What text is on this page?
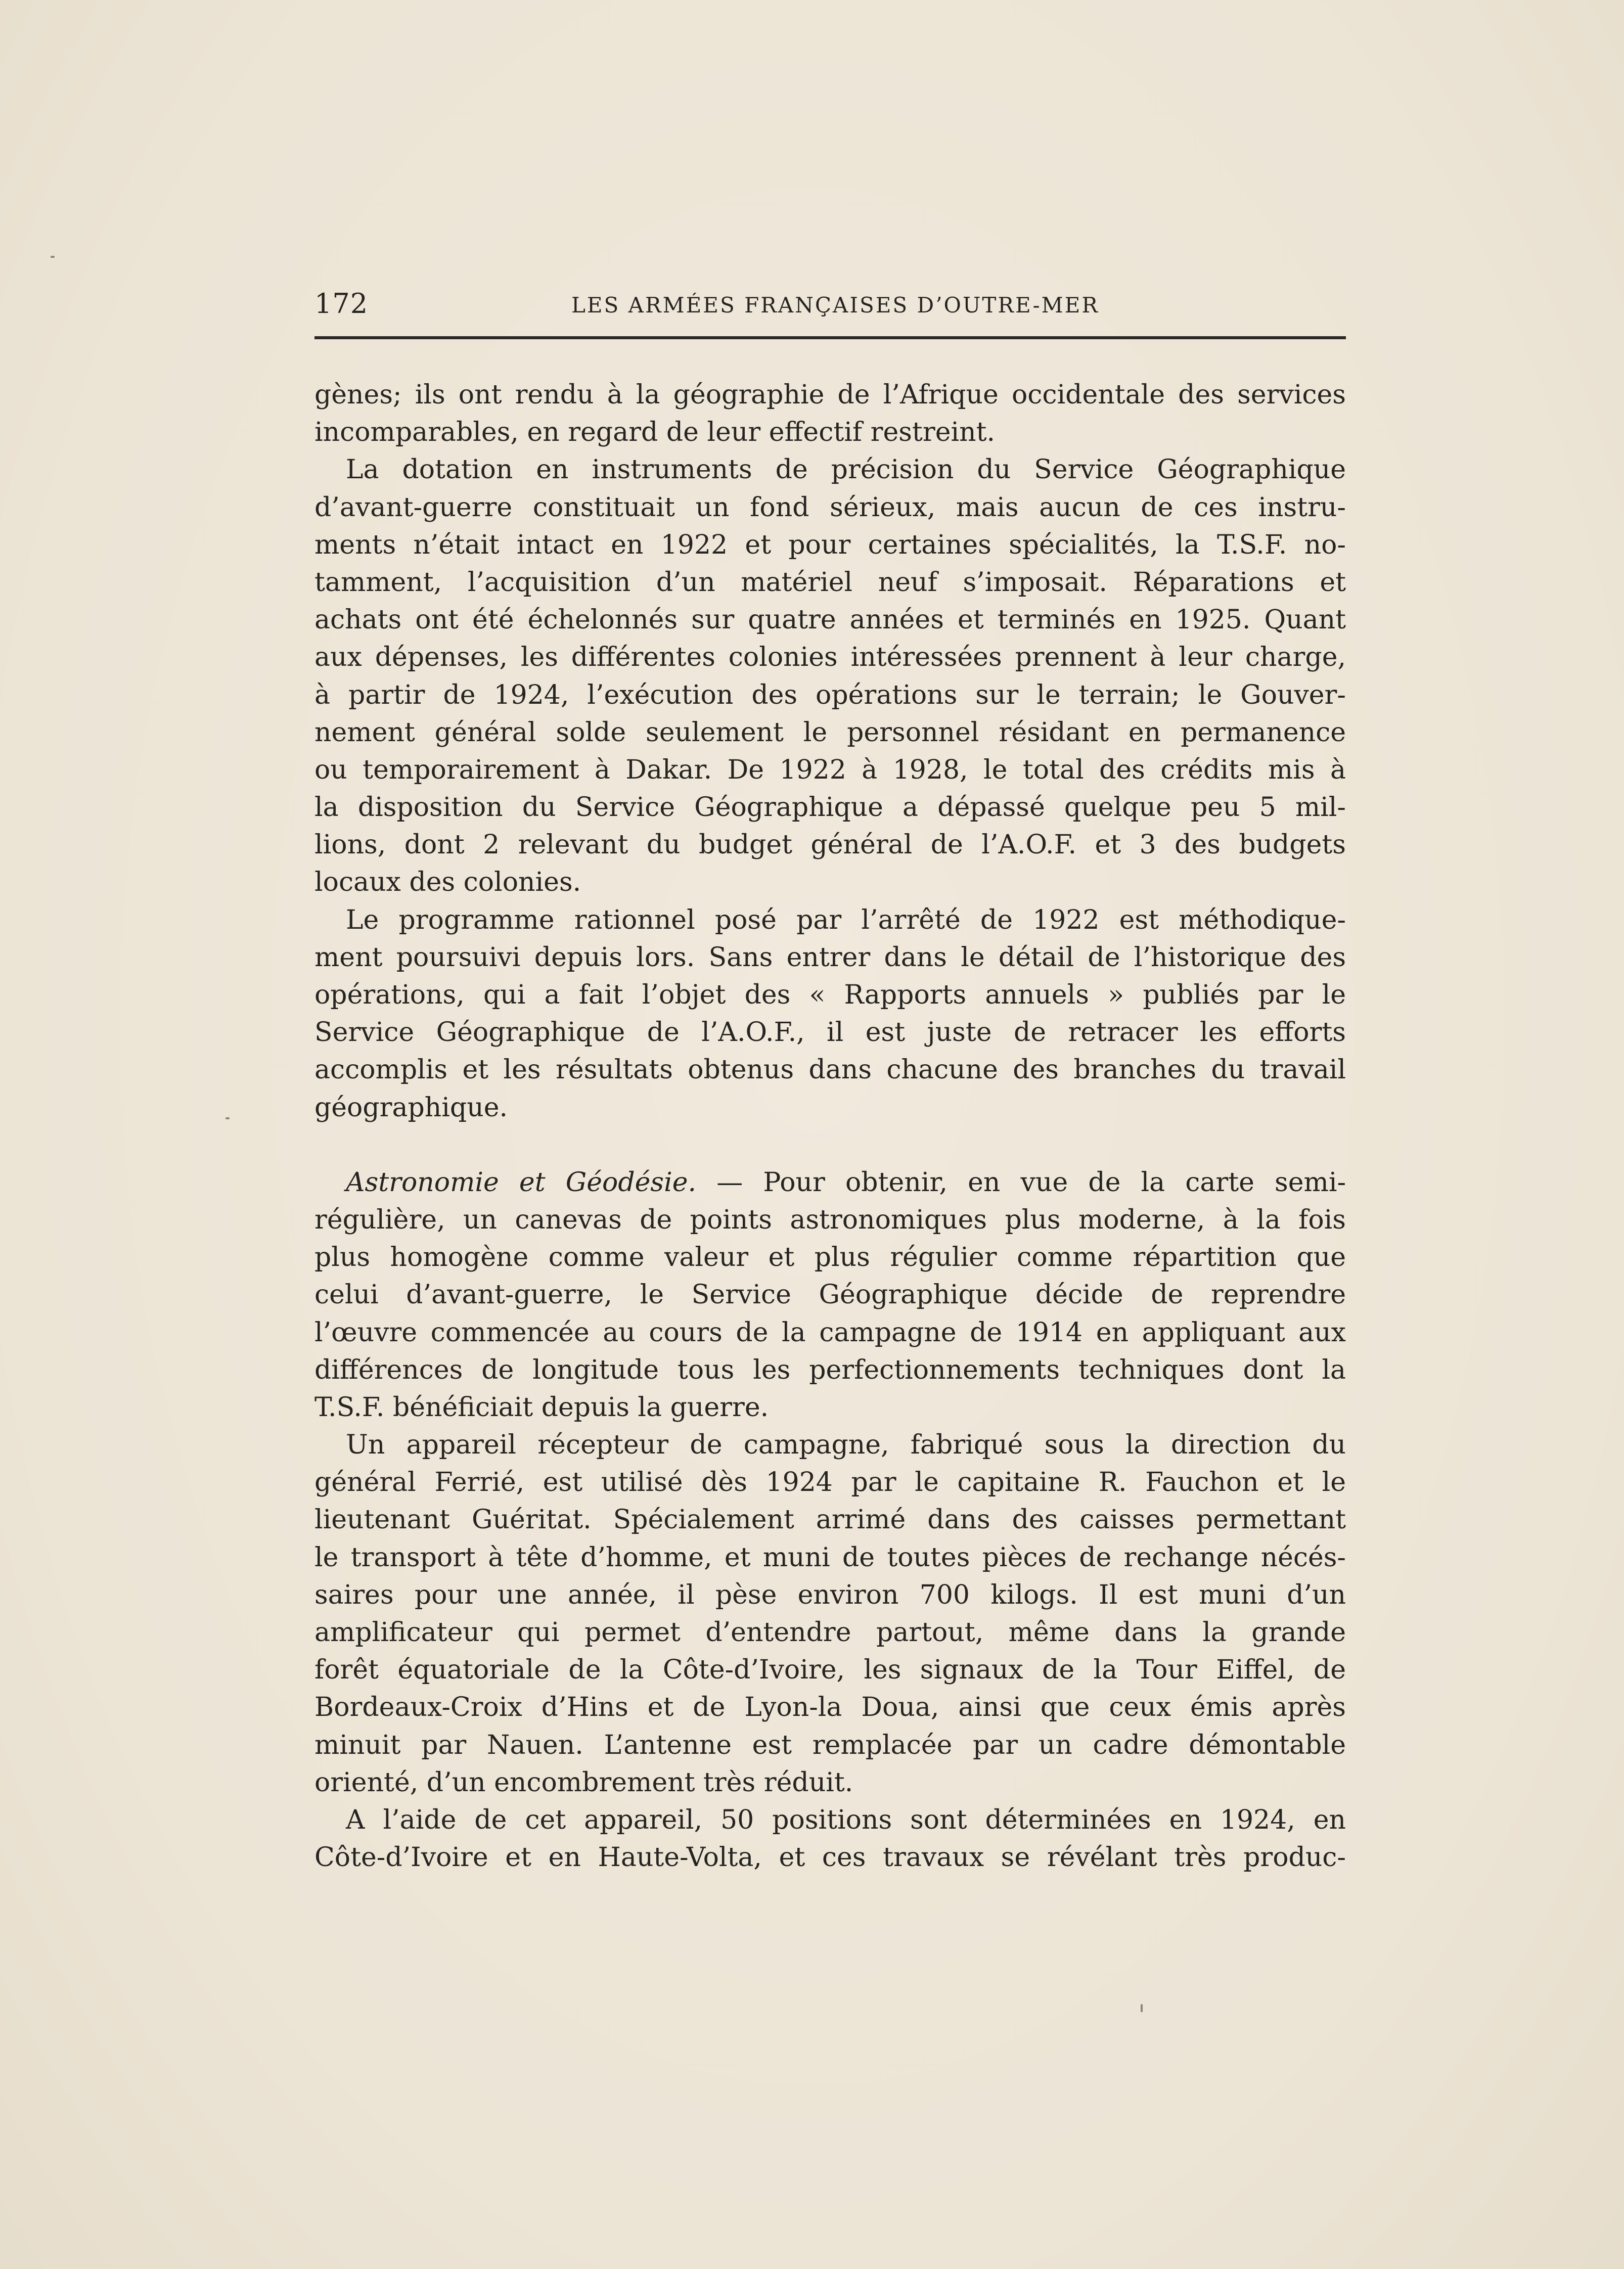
172	LES ARMÉES FRANÇAISES D’OUTRE-MER
gènes; ils ont rendu à la géographie de l’Afrique occidentale des services
incomparables, en regard de leur effectif restreint.
La dotation en instruments de précision du Service Géographique
d’avant-guerre constituait un fond sérieux, mais aucun de ces instru-
ments n’était intact en 1922 et pour certaines spécialités, la T.S.F. no-
tamment, l’acquisition d’un matériel neuf s’imposait. Réparations et
achats ont été échelonnés sur quatre années et terminés en 1925. Quant
aux dépenses, les différentes colonies intéressées prennent à leur charge,
à partir de 1924, l’exécution des opérations sur le terrain; le Gouver-
nement général solde seulement le personnel résidant en permanence
ou temporairement à Dakar. De 1922 à 1928, le total des crédits mis à
la disposition du Service Géographique a dépassé quelque peu 5 mil-
lions, dont 2 relevant du budget général de l’A.O.F. et 3 des budgets
locaux des colonies.
Le programme rationnel posé par l’arrêté de 1922 est méthodique-
ment poursuivi depuis lors. Sans entrer dans le détail de l’historique des
opérations, qui a fait l’objet des « Rapports annuels » publiés par le
Service Géographique de l’A.O.F., il est juste de retracer les efforts
accomplis et les résultats obtenus dans chacune des branches du travail
géographique.
Astronomie et Géodésie. — Pour obtenir, en vue de la carte semi-
régulière, un canevas de points astronomiques plus moderne, à la fois
plus homogène comme valeur et plus régulier comme répartition que
celui d’avant-guerre, le Service Géographique décide de reprendre
l’œuvre commencée au cours de la campagne de 1914 en appliquant aux
différences de longitude tous les perfectionnements techniques dont la
T.S.F. bénéficiait depuis la guerre.
Un appareil récepteur de campagne, fabriqué sous la direction du
général Ferrié, est utilisé dès 1924 par le capitaine R. Fauchon et le
lieutenant Guéritat. Spécialement arrimé dans des caisses permettant
le transport à tête d’homme, et muni de toutes pièces de rechange nécés-
saires pour une année, il pèse environ 700 kilogs. Il est muni d’un
amplificateur qui permet d’entendre partout, même dans la grande
forêt équatoriale de la Côte-d’Ivoire, les signaux de la Tour Eiffel, de
Bordeaux-Croix d’Hins et de Lyon-la Doua, ainsi que ceux émis après
minuit par Nauen. L’antenne est remplacée par un cadre démontable
orienté, d’un encombrement très réduit.
A l’aide de cet appareil, 50 positions sont déterminées en 1924, en
Côte-d’Ivoire et en Haute-Volta, et ces travaux se révélant très produc-
